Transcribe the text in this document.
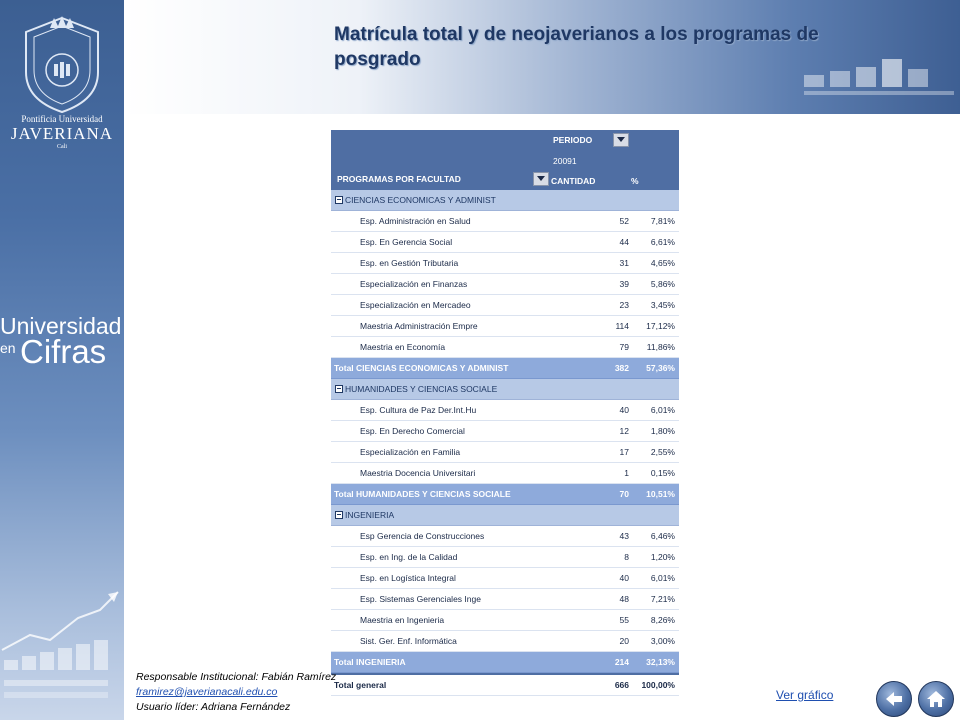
Pontificia Universidad
JAVERIANA
Cali
Universidad
en Cifras
Matrícula total y de neojaverianos a los programas de posgrado
PERIODO
20091
PROGRAMAS POR FACULTAD	CANTIDAD	%
CIENCIAS ECONOMICAS Y ADMINIST
Esp. Administración en Salud	52	7,81%
Esp. En Gerencia Social	44	6,61%
Esp. en Gestión Tributaria	31	4,65%
Especialización en Finanzas	39	5,86%
Especialización en Mercadeo	23	3,45%
Maestria Administración Empre	114 17,12%
Maestria en Economía	79 11,86%
Total CIENCIAS ECONOMICAS Y ADMINIST	382 57,36%
HUMANIDADES Y CIENCIAS SOCIALE
Esp. Cultura de Paz Der.Int.Hu	40	6,01%
Esp. En Derecho Comercial	12	1,80%
Especialización en Familia	17	2,55%
Maestria Docencia Universitari	1	0,15%
Total HUMANIDADES Y CIENCIAS SOCIALE	70 10,51%
INGENIERIA
Esp Gerencia de Construcciones	43	6,46%
Esp. en Ing. de la Calidad	8	1,20%
Esp. en Logística Integral	40	6,01%
Esp. Sistemas Gerenciales Inge	48	7,21%
Maestria en Ingenieria	55	8,26%
Sist. Ger. Enf. Informática	20	3,00%
Total INGENIERIA	214 32,13%
Total general	666 100,00%
Responsable Institucional: Fabián Ramírez
framirez@javerianacali.edu.co
Usuario líder: Adriana Fernández
Ver gráfico
